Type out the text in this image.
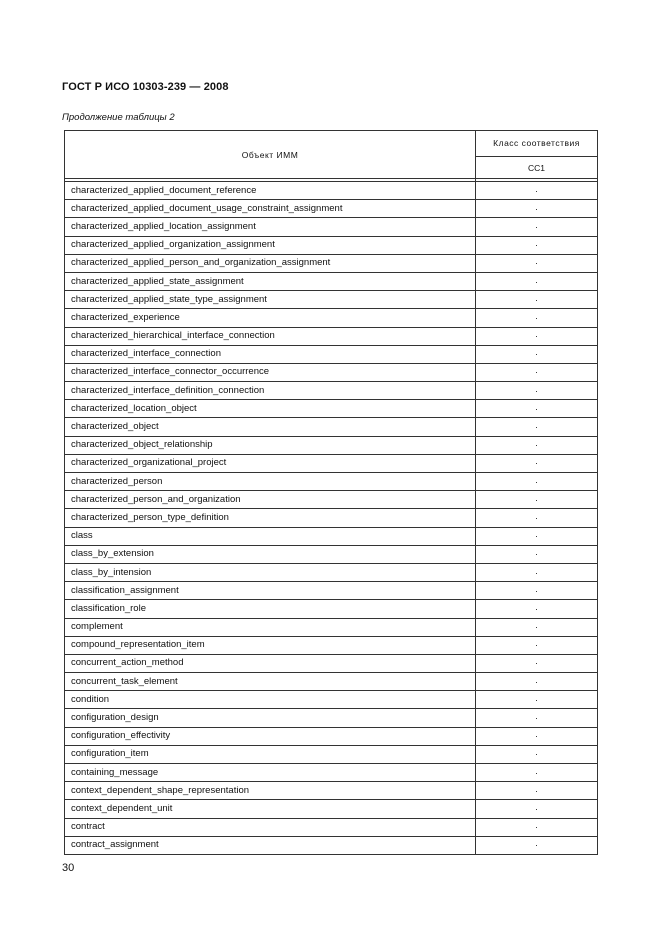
ГОСТ Р ИСО 10303-239 — 2008
Продолжение таблицы 2
Объект ИММ	Класс соответствия
	CC1

characterized_applied_document_reference	·
characterized_applied_document_usage_constraint_assignment	·
characterized_applied_location_assignment	·
characterized_applied_organization_assignment	·
characterized_applied_person_and_organization_assignment	·
characterized_applied_state_assignment	·
characterized_applied_state_type_assignment	·
characterized_experience	·
characterized_hierarchical_interface_connection	·
characterized_interface_connection	·
characterized_interface_connector_occurrence	·
characterized_interface_definition_connection	·
characterized_location_object	·
characterized_object	·
characterized_object_relationship	·
characterized_organizational_project	·
characterized_person	·
characterized_person_and_organization	·
characterized_person_type_definition	·
class	·
class_by_extension	·
class_by_intension	·
classification_assignment	·
classification_role	·
complement	·
compound_representation_item	·
concurrent_action_method	·
concurrent_task_element	·
condition	·
configuration_design	·
configuration_effectivity	·
configuration_item	·
containing_message	·
context_dependent_shape_representation	·
context_dependent_unit	·
contract	·
contract_assignment	·
30
